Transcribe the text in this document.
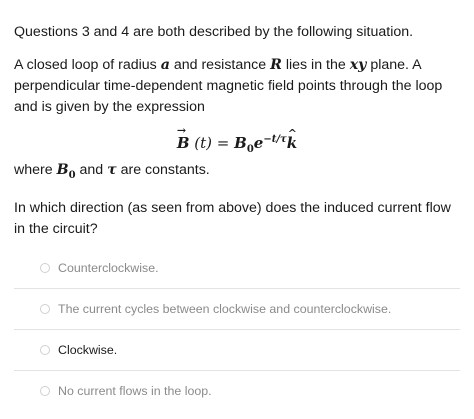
Questions 3 and 4 are both described by the following situation.

A closed loop of radius a and resistance R lies in the xy plane. A perpendicular time-dependent magnetic field points through the loop and is given by the expression

→ B $(t) = B_0e^{-t/\tau}\^{}$ k

where $B_0$ and τ are constants.

In which direction (as seen from above) does the induced current flow in the circuit?

Counterclockwise.
The current cycles between clockwise and counterclockwise.
Clockwise.
No current flows in the loop.
